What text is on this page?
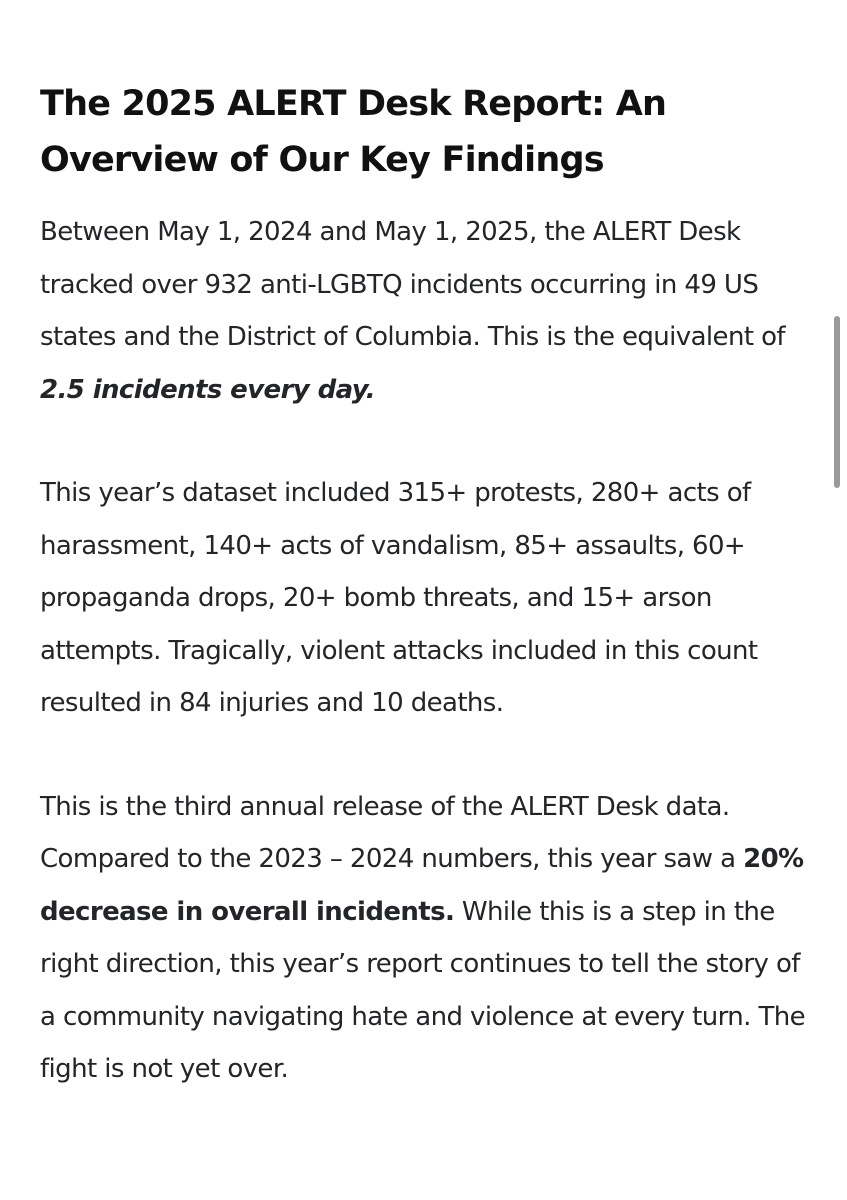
The 2025 ALERT Desk Report: An Overview of Our Key Findings

Between May 1, 2024 and May 1, 2025, the ALERT Desk tracked over 932 anti-LGBTQ incidents occurring in 49 US states and the District of Columbia. This is the equivalent of 2.5 incidents every day.

This year’s dataset included 315+ protests, 280+ acts of harassment, 140+ acts of vandalism, 85+ assaults, 60+ propaganda drops, 20+ bomb threats, and 15+ arson attempts. Tragically, violent attacks included in this count resulted in 84 injuries and 10 deaths.

This is the third annual release of the ALERT Desk data. Compared to the 2023 – 2024 numbers, this year saw a 20% decrease in overall incidents. While this is a step in the right direction, this year’s report continues to tell the story of a community navigating hate and violence at every turn. The fight is not yet over.
